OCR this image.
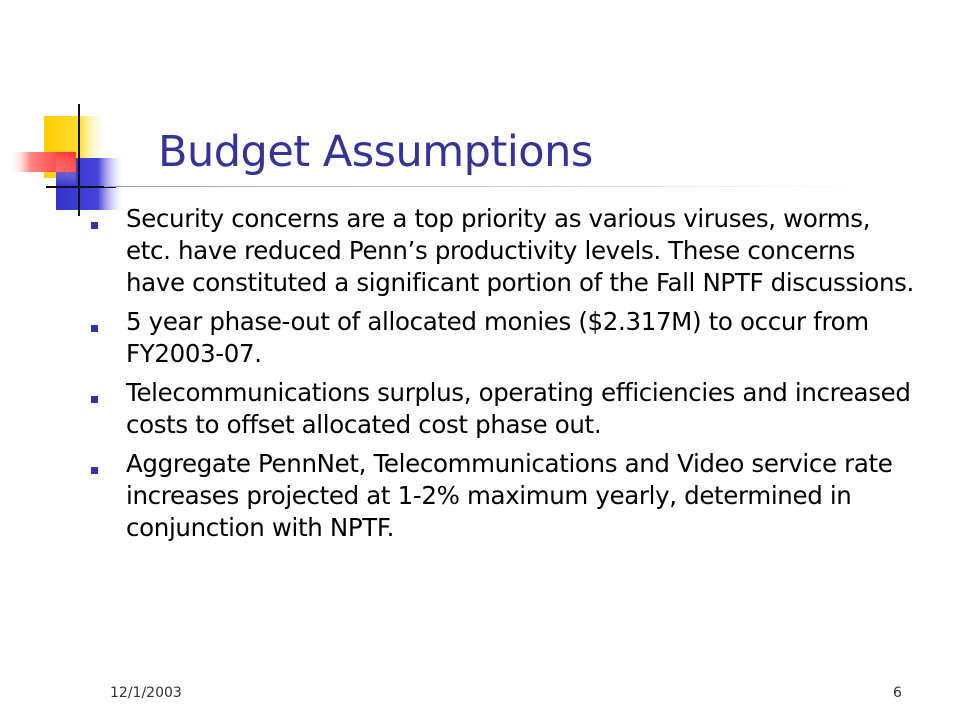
Budget Assumptions
Security concerns are a top priority as various viruses, worms, etc. have reduced Penn’s productivity levels. These concerns have constituted a significant portion of the Fall NPTF discussions.
5 year phase-out of allocated monies ($2.317M) to occur from FY2003-07.
Telecommunications surplus, operating efficiencies and increased costs to offset allocated cost phase out.
Aggregate PennNet, Telecommunications and Video service rate increases projected at 1-2% maximum yearly, determined in conjunction with NPTF.
12/1/2003	6
